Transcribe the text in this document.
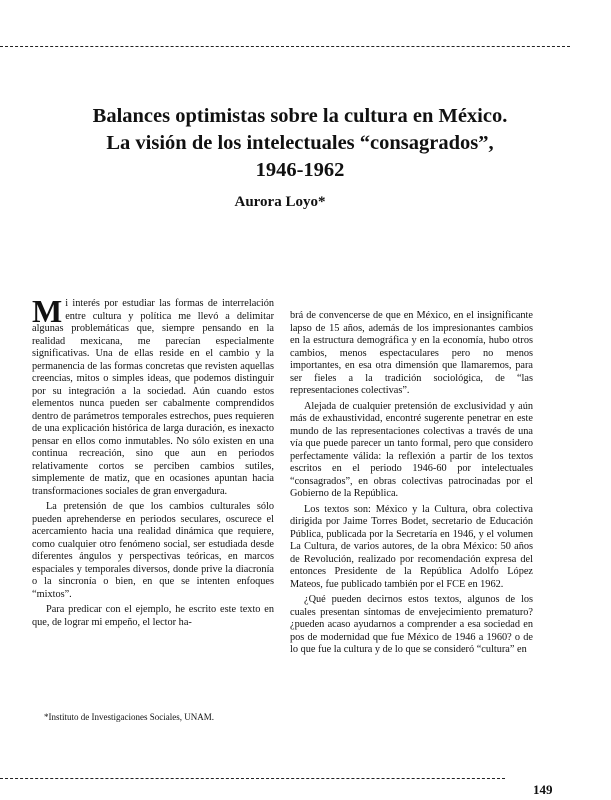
Balances optimistas sobre la cultura en México.
La visión de los intelectuales “consagrados”,
1946-1962
Aurora Loyo*

Mi interés por estudiar las formas de interrelación entre cultura y política me llevó a delimitar algunas problemáticas que, siempre pensando en la realidad mexicana, me parecían especialmente significativas. Una de ellas reside en el cambio y la permanencia de las formas concretas que revisten aquellas creencias, mitos o simples ideas, que podemos distinguir por su integración a la sociedad. Aún cuando estos elementos nunca pueden ser cabalmente comprendidos dentro de parámetros temporales estrechos, pues requieren de una explicación histórica de larga duración, es inexacto pensar en ellos como inmutables. No sólo existen en una continua recreación, sino que aun en periodos relativamente cortos se perciben cambios sutiles, simplemente de matiz, que en ocasiones apuntan hacia transformaciones sociales de gran envergadura.

La pretensión de que los cambios culturales sólo pueden aprehenderse en periodos seculares, oscurece el acercamiento hacia una realidad dinámica que requiere, como cualquier otro fenómeno social, ser estudiada desde diferentes ángulos y perspectivas teóricas, en marcos espaciales y temporales diversos, donde prive la diacronía o la sincronía o bien, en que se intenten enfoques “mixtos”.

Para predicar con el ejemplo, he escrito este texto en que, de lograr mi empeño, el lector ha-

brá de convencerse de que en México, en el insignificante lapso de 15 años, además de los impresionantes cambios en la estructura demográfica y en la economía, hubo otros cambios, menos espectaculares pero no menos importantes, en esa otra dimensión que llamaremos, para ser fieles a la tradición sociológica, de “las representaciones colectivas”.

Alejada de cualquier pretensión de exclusividad y aún más de exhaustividad, encontré sugerente penetrar en este mundo de las representaciones colectivas a través de una vía que puede parecer un tanto formal, pero que considero perfectamente válida: la reflexión a partir de los textos escritos en el periodo 1946-60 por intelectuales “consagrados”, en obras colectivas patrocinadas por el Gobierno de la República.

Los textos son: México y la Cultura, obra colectiva dirigida por Jaime Torres Bodet, secretario de Educación Pública, publicada por la Secretaría en 1946, y el volumen La Cultura, de varios autores, de la obra México: 50 años de Revolución, realizado por recomendación expresa del entonces Presidente de la República Adolfo López Mateos, fue publicado también por el FCE en 1962.

¿Qué pueden decirnos estos textos, algunos de los cuales presentan síntomas de envejecimiento prematuro? ¿pueden acaso ayudarnos a comprender a esa sociedad en pos de modernidad que fue México de 1946 a 1960? o de lo que fue la cultura y de lo que se consideró “cultura” en

*Instituto de Investigaciones Sociales, UNAM.
149
